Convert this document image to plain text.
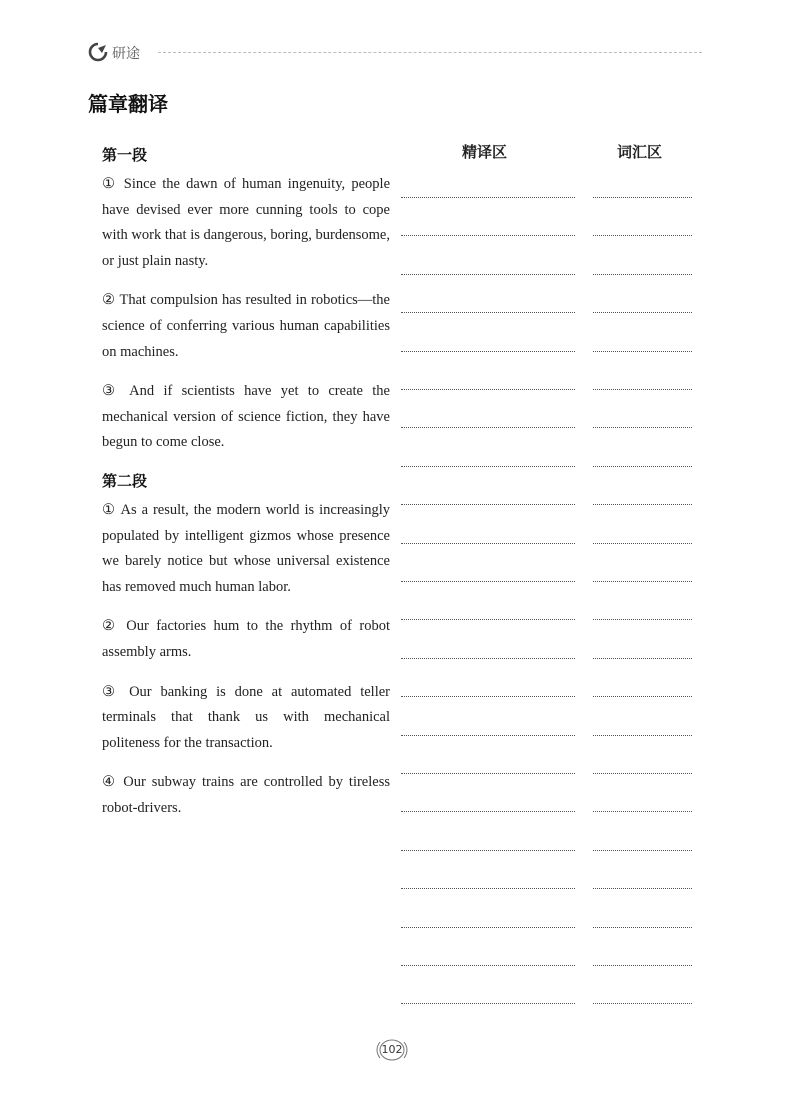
研途
篇章翻译
精译区	词汇区
第一段

① Since the dawn of human ingenuity, people have devised ever more cunning tools to cope with work that is dangerous, boring, burdensome, or just plain nasty.

② That compulsion has resulted in robotics—the science of conferring various human capabilities on machines.

③ And if scientists have yet to create the mechanical version of science fiction, they have begun to come close.

第二段

① As a result, the modern world is increasingly populated by intelligent gizmos whose presence we barely notice but whose universal existence has removed much human labor.

② Our factories hum to the rhythm of robot assembly arms.

③ Our banking is done at automated teller terminals that thank us with mechanical politeness for the transaction.

④ Our subway trains are controlled by tireless robot-drivers.

102
